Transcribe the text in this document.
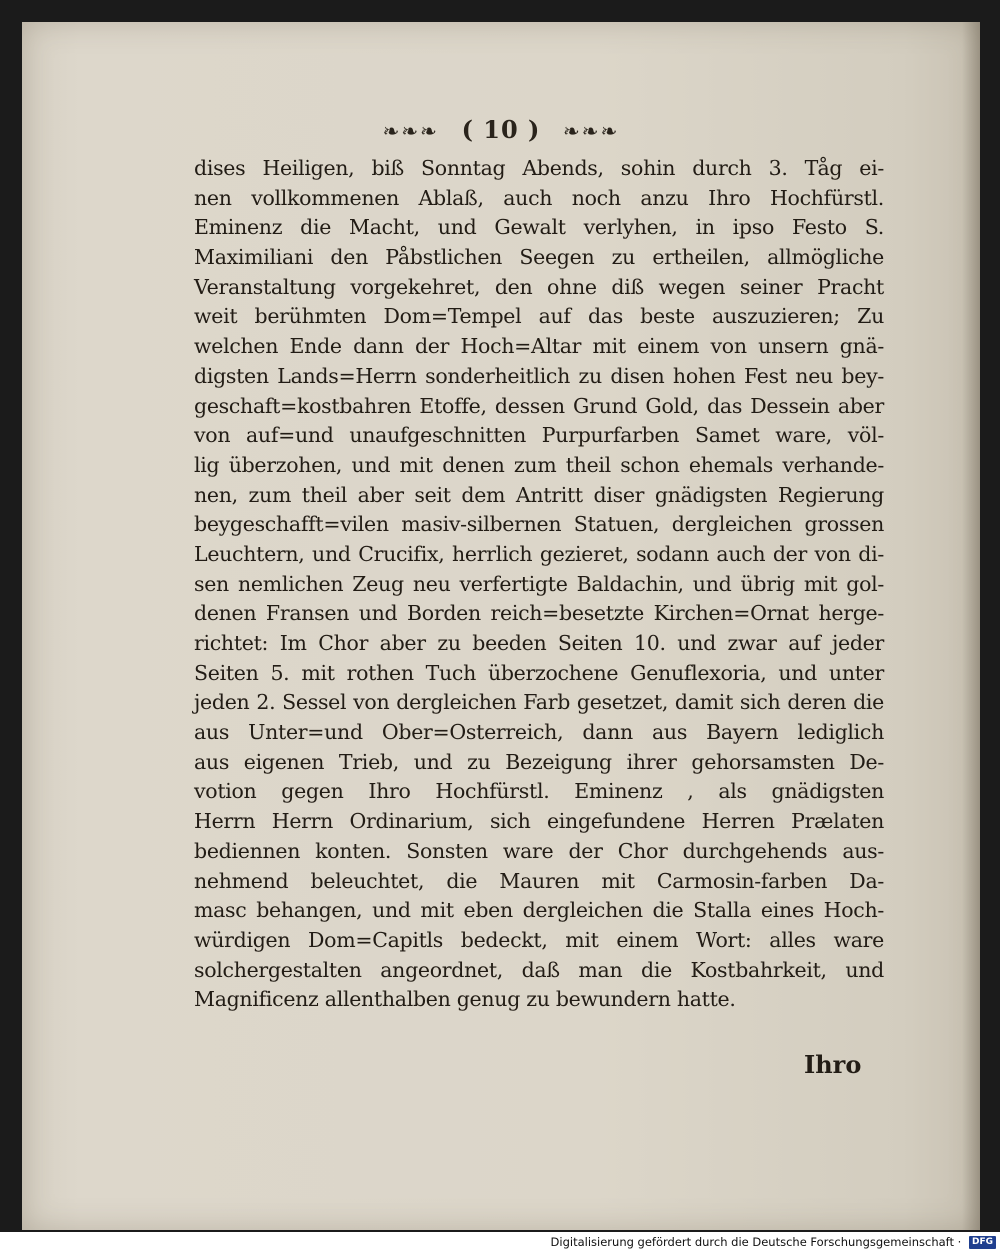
❧❧❧ ( 10 ) ❧❧❧
dises Heiligen, biß Sonntag Abends, sohin durch 3. Tåg ei-
nen vollkommenen Ablaß, auch noch anzu Ihro Hochfürstl.
Eminenz die Macht, und Gewalt verlyhen, in ipso Festo S.
Maximiliani den Påbstlichen Seegen zu ertheilen, allmögliche
Veranstaltung vorgekehret, den ohne diß wegen seiner Pracht
weit berühmten Dom=Tempel auf das beste auszuzieren; Zu
welchen Ende dann der Hoch=Altar mit einem von unsern gnä-
digsten Lands=Herrn sonderheitlich zu disen hohen Fest neu bey-
geschaft=kostbahren Etoffe, dessen Grund Gold, das Dessein aber
von auf=und unaufgeschnitten Purpurfarben Samet ware, völ-
lig überzohen, und mit denen zum theil schon ehemals verhande-
nen, zum theil aber seit dem Antritt diser gnädigsten Regierung
beygeschafft=vilen masiv-silbernen Statuen, dergleichen grossen
Leuchtern, und Crucifix, herrlich gezieret, sodann auch der von di-
sen nemlichen Zeug neu verfertigte Baldachin, und übrig mit gol-
denen Fransen und Borden reich=besetzte Kirchen=Ornat herge-
richtet: Im Chor aber zu beeden Seiten 10. und zwar auf jeder
Seiten 5. mit rothen Tuch überzochene Genuflexoria, und unter
jeden 2. Sessel von dergleichen Farb gesetzet, damit sich deren die
aus Unter=und Ober=Osterreich, dann aus Bayern lediglich
aus eigenen Trieb, und zu Bezeigung ihrer gehorsamsten De-
votion gegen Ihro Hochfürstl. Eminenz , als gnädigsten
Herrn Herrn Ordinarium, sich eingefundene Herren Prælaten
bediennen konten. Sonsten ware der Chor durchgehends aus-
nehmend beleuchtet, die Mauren mit Carmosin-farben Da-
masc behangen, und mit eben dergleichen die Stalla eines Hoch-
würdigen Dom=Capitls bedeckt, mit einem Wort: alles ware
solchergestalten angeordnet, daß man die Kostbahrkeit, und
Magnificenz allenthalben genug zu bewundern hatte.
Ihro
Digitalisierung gefördert durch die Deutsche Forschungsgemeinschaft · DFG
